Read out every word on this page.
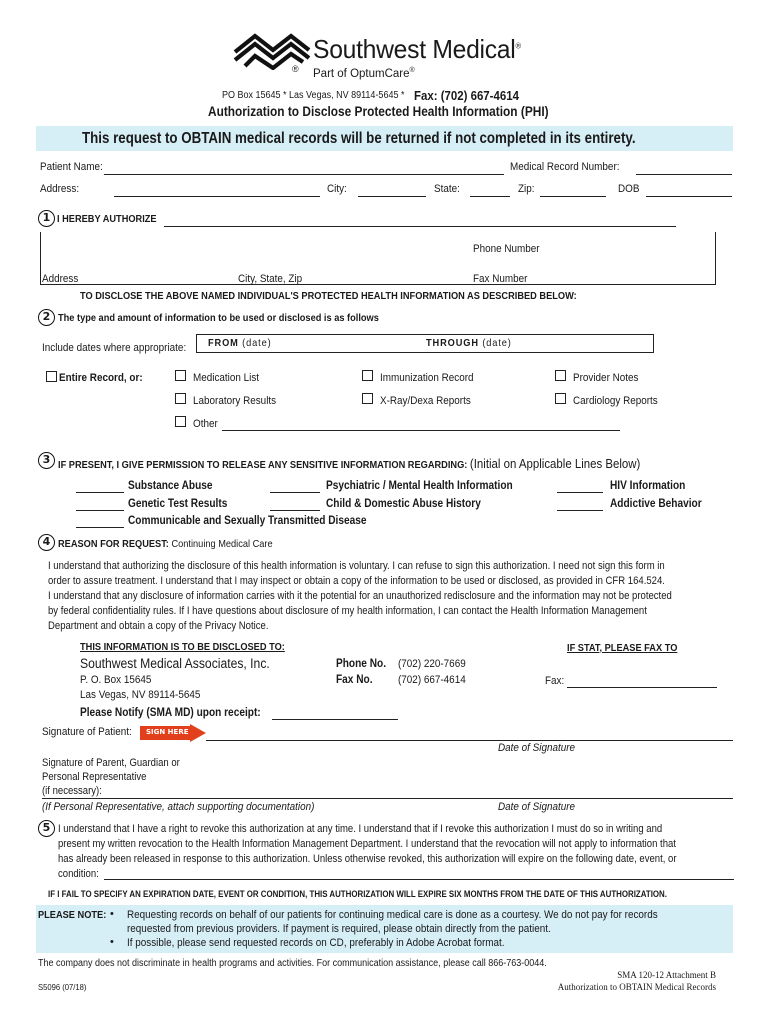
Southwest Medical®
® Part of OptumCare®
PO Box 15645 * Las Vegas, NV 89114-5645 * Fax: (702) 667-4614
Authorization to Disclose Protected Health Information (PHI)
This request to OBTAIN medical records will be returned if not completed in its entirety.
Patient Name:	Medical Record Number:
Address:	City:	State:	Zip:	DOB
1 I HEREBY AUTHORIZE
Phone Number
Address	City, State, Zip	Fax Number
TO DISCLOSE THE ABOVE NAMED INDIVIDUAL'S PROTECTED HEALTH INFORMATION AS DESCRIBED BELOW:
2 The type and amount of information to be used or disclosed is as follows
Include dates where appropriate: FROM (date)	THROUGH (date)
Entire Record, or:	Medication List	Immunization Record	Provider Notes
Laboratory Results	X-Ray/Dexa Reports	Cardiology Reports
Other
3 IF PRESENT, I GIVE PERMISSION TO RELEASE ANY SENSITIVE INFORMATION REGARDING: (Initial on Applicable Lines Below)
Substance Abuse	Psychiatric / Mental Health Information	HIV Information
Genetic Test Results	Child & Domestic Abuse History	Addictive Behavior
Communicable and Sexually Transmitted Disease
4 REASON FOR REQUEST: Continuing Medical Care
I understand that authorizing the disclosure of this health information is voluntary. I can refuse to sign this authorization. I need not sign this form in
order to assure treatment. I understand that I may inspect or obtain a copy of the information to be used or disclosed, as provided in CFR 164.524.
I understand that any disclosure of information carries with it the potential for an unauthorized redisclosure and the information may not be protected
by federal confidentiality rules. If I have questions about disclosure of my health information, I can contact the Health Information Management
Department and obtain a copy of the Privacy Notice.
THIS INFORMATION IS TO BE DISCLOSED TO:
Southwest Medical Associates, Inc.
P. O. Box 15645
Las Vegas, NV 89114-5645
Phone No. (702) 220-7669
Fax No. (702) 667-4614
IF STAT, PLEASE FAX TO
Fax:
Please Notify (SMA MD) upon receipt:
Signature of Patient: SIGN HERE
Date of Signature
Signature of Parent, Guardian or
Personal Representative
(if necessary):
(If Personal Representative, attach supporting documentation)	Date of Signature
5 I understand that I have a right to revoke this authorization at any time. I understand that if I revoke this authorization I must do so in writing and
present my written revocation to the Health Information Management Department. I understand that the revocation will not apply to information that
has already been released in response to this authorization. Unless otherwise revoked, this authorization will expire on the following date, event, or
condition:
IF I FAIL TO SPECIFY AN EXPIRATION DATE, EVENT OR CONDITION, THIS AUTHORIZATION WILL EXPIRE SIX MONTHS FROM THE DATE OF THIS AUTHORIZATION.
PLEASE NOTE: • Requesting records on behalf of our patients for continuing medical care is done as a courtesy. We do not pay for records
requested from previous providers. If payment is required, please obtain directly from the patient.
• If possible, please send requested records on CD, preferably in Adobe Acrobat format.
The company does not discriminate in health programs and activities. For communication assistance, please call 866-763-0044.
S5096 (07/18)
SMA 120-12 Attachment B
Authorization to OBTAIN Medical Records
